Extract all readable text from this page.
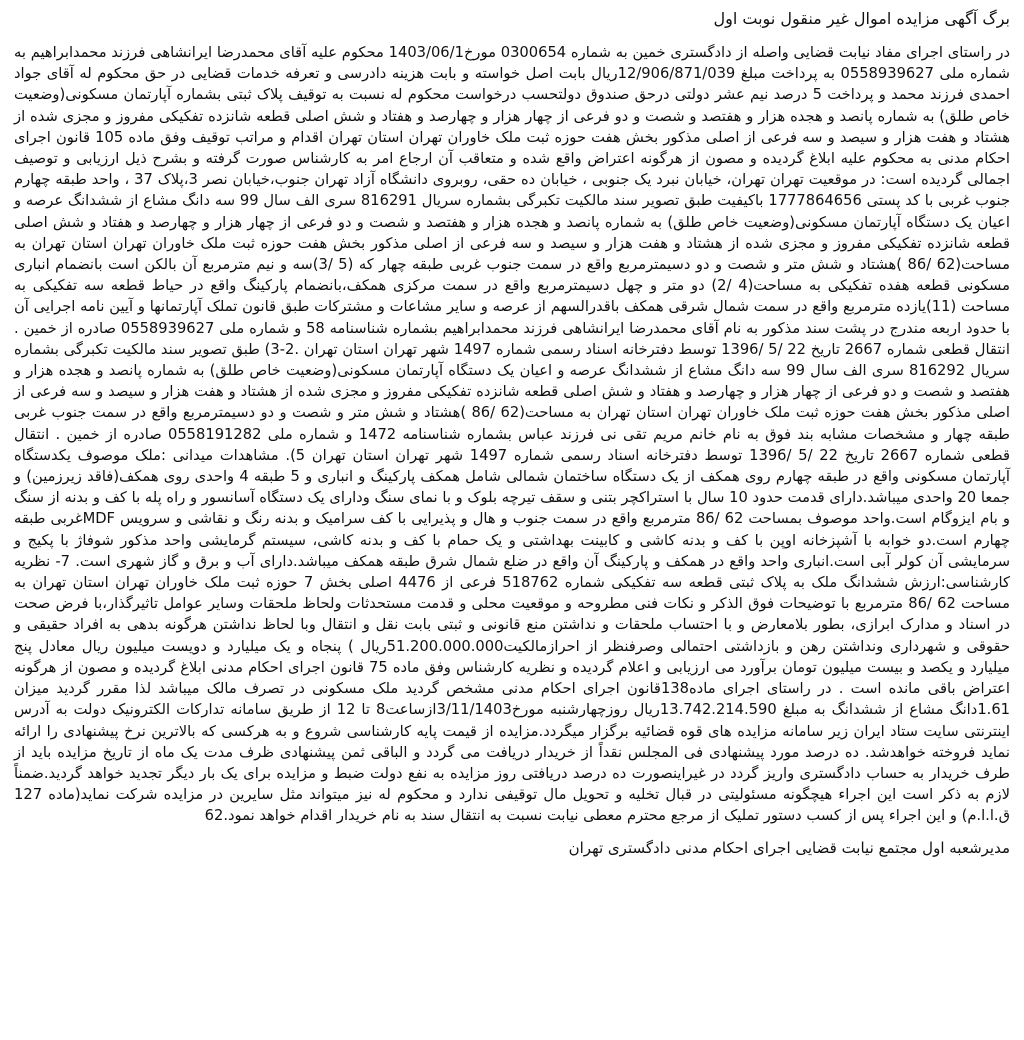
برگ آگهی مزایده اموال غیر منقول نوبت اول

در راستای اجرای مفاد نیابت قضایی واصله از دادگستری خمین به شماره 0300654 مورخ1403/06/1 محکوم علیه آقای محمدرضا ایرانشاهی فرزند محمدابراهیم به شماره ملی 0558939627 به پرداخت مبلغ 12/906/871/039ریال بابت اصل خواسته و بابت هزینه دادرسی و تعرفه خدمات قضایی در حق محکوم له آقای جواد احمدی فرزند محمد و پرداخت 5 درصد نیم عشر دولتی درحق صندوق دولتحسب درخواست محکوم له نسبت به توقیف پلاک ثبتی بشماره آپارتمان مسکونی(وضعیت خاص طلق) به شماره پانصد و هجده هزار و هفتصد و شصت و دو فرعی از چهار هزار و چهارصد و هفتاد و شش اصلی قطعه شانزده تفکیکی مفروز و مجزی شده از هشتاد و هفت هزار و سیصد و سه فرعی از اصلی مذکور بخش هفت حوزه ثبت ملک خاوران تهران استان تهران اقدام و مراتب توقیف وفق ماده 105 قانون اجرای احکام مدنی به محکوم علیه ابلاغ گردیده و مصون از هرگونه اعتراض واقع شده و متعاقب آن ارجاع امر به کارشناس صورت گرفته و بشرح ذیل ارزیابی و توصیف اجمالی گردیده است: در موقعیت تهران تهران، خیابان نبرد یک جنوبی ، خیابان ده حقی، روبروی دانشگاه آزاد تهران جنوب،خیابان نصر 3،پلاک 37 ، واحد طبقه چهارم جنوب غربی با کد پستی 1777864656 باکیفیت طبق تصویر سند مالکیت تکبرگی بشماره سریال 816291 سری الف سال 99 سه دانگ مشاع از ششدانگ عرصه و اعیان یک دستگاه آپارتمان مسکونی(وضعیت خاص طلق) به شماره پانصد و هجده هزار و هفتصد و شصت و دو فرعی از چهار هزار و چهارصد و هفتاد و شش اصلی قطعه شانزده تفکیکی مفروز و مجزی شده از هشتاد و هفت هزار و سیصد و سه فرعی از اصلی مذکور بخش هفت حوزه ثبت ملک خاوران تهران استان تهران به مساحت(62 /86 )هشتاد و شش متر و شصت و دو دسیمترمربع واقع در سمت جنوب غربی طبقه چهار که (5 /3)سه و نیم مترمربع آن بالکن است بانضمام انباری مسکونی قطعه هفده تفکیکی به مساحت(4 /2) دو متر و چهل دسیمترمربع واقع در سمت مرکزی همکف،بانضمام پارکینگ واقع در حیاط قطعه سه تفکیکی به مساحت (11)یازده مترمربع واقع در سمت شمال شرقی همکف باقدرالسهم از عرصه و سایر مشاعات و مشترکات طبق قانون تملک آپارتمانها و آیین نامه اجرایی آن با حدود اربعه مندرج در پشت سند مذکور به نام آقای محمدرضا ایرانشاهی فرزند محمدابراهیم بشماره شناسنامه 58 و شماره ملی 0558939627 صادره از خمین . انتقال قطعی شماره 2667 تاریخ 22 /5 /1396 توسط دفترخانه اسناد رسمی شماره 1497 شهر تهران استان تهران .2-3) طبق تصویر سند مالکیت تکبرگی بشماره سریال 816292 سری الف سال 99 سه دانگ مشاع از ششدانگ عرصه و اعیان یک دستگاه آپارتمان مسکونی(وضعیت خاص طلق) به شماره پانصد و هجده هزار و هفتصد و شصت و دو فرعی از چهار هزار و چهارصد و هفتاد و شش اصلی قطعه شانزده تفکیکی مفروز و مجزی شده از هشتاد و هفت هزار و سیصد و سه فرعی از اصلی مذکور بخش هفت حوزه ثبت ملک خاوران تهران استان تهران به مساحت(62 /86 )هشتاد و شش متر و شصت و دو دسیمترمربع واقع در سمت جنوب غربی طبقه چهار و مشخصات مشابه بند فوق به نام خانم مریم تقی نی فرزند عباس بشماره شناسنامه 1472 و شماره ملی 0558191282 صادره از خمین . انتقال قطعی شماره 2667 تاریخ 22 /5 /1396 توسط دفترخانه اسناد رسمی شماره 1497 شهر تهران استان تهران 5). مشاهدات میدانی :ملک موصوف یکدستگاه آپارتمان مسکونی واقع در طبقه چهارم روی همکف از یک دستگاه ساختمان شمالی شامل همکف پارکینگ و انباری و 5 طبقه 4 واحدی روی همکف(فاقد زیرزمین) و جمعا 20 واحدی میباشد.دارای قدمت حدود 10 سال با استراکچر بتنی و سقف تیرچه بلوک و با نمای سنگ ودارای یک دستگاه آسانسور و راه پله با کف و بدنه از سنگ و بام ایزوگام است.واحد موصوف بمساحت 62 /86 مترمربع واقع در سمت جنوب و هال و پذیرایی با کف سرامیک و بدنه رنگ و نقاشی و سرویس MDFغربی طبقه چهارم است.دو خوابه با آشپزخانه اوپن با کف و بدنه کاشی و کابینت بهداشتی و یک حمام با کف و بدنه کاشی، سیستم گرمایشی واحد مذکور شوفاژ با پکیج و سرمایشی آن کولر آبی است.انباری واحد واقع در همکف و پارکینگ آن واقع در ضلع شمال شرق طبقه همکف میباشد.دارای آب و برق و گاز شهری است. 7- نظریه کارشناسی:ارزش ششدانگ ملک به پلاک ثبتی قطعه سه تفکیکی شماره 518762 فرعی از 4476 اصلی بخش 7 حوزه ثبت ملک خاوران تهران استان تهران به مساحت 62 /86 مترمربع با توضیحات فوق الذکر و نکات فنی مطروحه و موقعیت محلی و قدمت مستحدثات ولحاظ ملحقات وسایر عوامل تاثیرگذار،با فرض صحت در اسناد و مدارک ابرازی، بطور بلامعارض و با احتساب ملحقات و نداشتن منع قانونی و ثبتی بابت نقل و انتقال وبا لحاظ نداشتن هرگونه بدهی به افراد حقیقی و حقوقی و شهرداری ونداشتن رهن و بازداشتی احتمالی وصرفنظر از احرازمالکیت51.200.000.000ریال ) پنجاه و یک میلیارد و دویست میلیون ریال معادل پنج میلیارد و یکصد و بیست میلیون تومان برآورد می ارزیابی و اعلام گردیده و نظریه کارشناس وفق ماده 75 قانون اجرای احکام مدنی ابلاغ گردیده و مصون از هرگونه اعتراض باقی مانده است . در راستای اجرای ماده138قانون اجرای احکام مدنی مشخص گردید ملک مسکونی در تصرف مالک میباشد لذا مقرر گردید میزان 1.61دانگ مشاع از ششدانگ به مبلغ 13.742.214.590ریال روزچهارشنبه مورخ3/11/1403ازساعت8 تا 12 از طریق سامانه تدارکات الکترونیک دولت به آدرس اینترنتی سایت ستاد ایران زیر سامانه مزایده های قوه قضائیه برگزار میگردد.مزایده از قیمت پایه کارشناسی شروع و به هرکسی که بالاترین نرخ پیشنهادی را ارائه نماید فروخته خواهدشد. ده درصد مورد پیشنهادی فی المجلس نقداً از خریدار دریافت می گردد و الباقی ثمن پیشنهادی ظرف مدت یک ماه از تاریخ مزایده باید از طرف خریدار به حساب دادگستری واریز گردد در غیراینصورت ده درصد دریافتی روز مزایده به نفع دولت ضبط و مزایده برای یک بار دیگر تجدید خواهد گردید.ضمناً لازم به ذکر است این اجراء هیچگونه مسئولیتی در قبال تخلیه و تحویل مال توقیفی ندارد و محکوم له نیز میتواند مثل سایرین در مزایده شرکت نماید(ماده 127 ق.ا.ا.م) و این اجراء پس از کسب دستور تملیک از مرجع محترم معطی نیابت نسبت به انتقال سند به نام خریدار اقدام خواهد نمود.62

مدیرشعبه اول مجتمع نیابت قضایی اجرای احکام مدنی دادگستری تهران
